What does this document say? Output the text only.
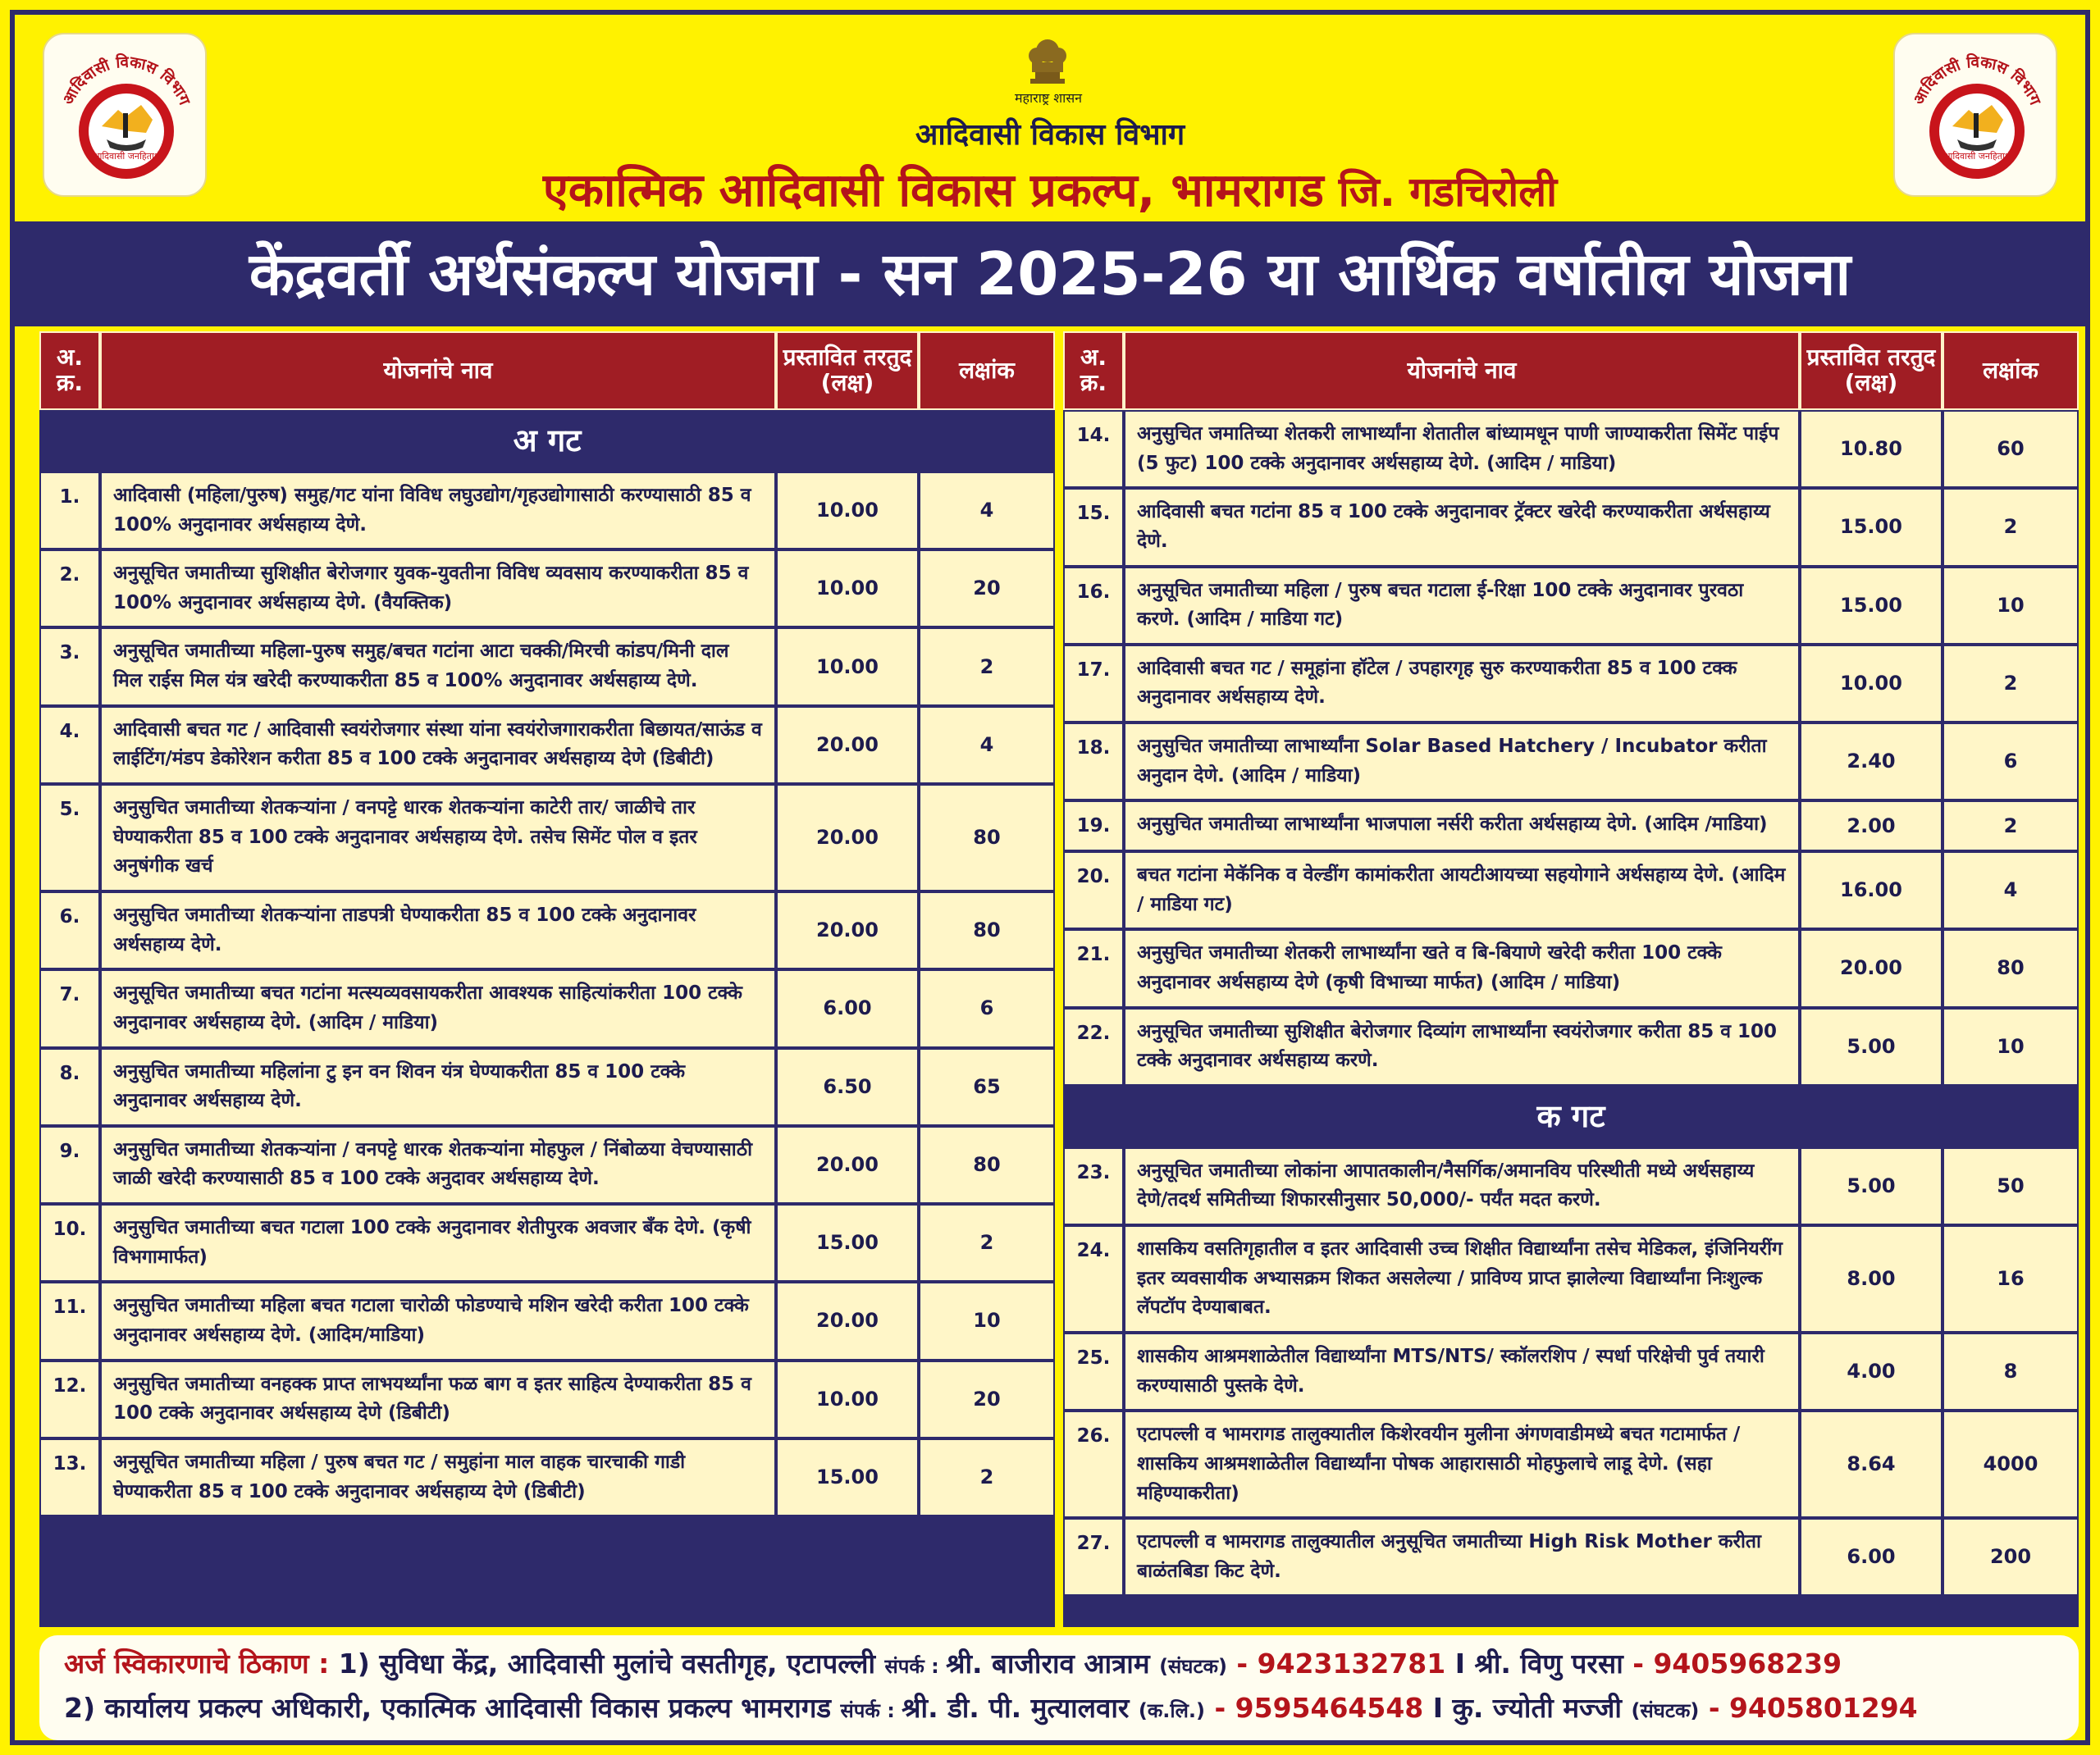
आदिवासी विकास विभाग
आदिवासी जनहितार्थ
महाराष्ट्र शासन
आदिवासी विकास विभाग
एकात्मिक आदिवासी विकास प्रकल्प, भामरागड जि. गडचिरोली
आदिवासी विकास विभाग
आदिवासी जनहितार्थ
केंद्रवर्ती अर्थसंकल्प योजना - सन 2025-26 या आर्थिक वर्षातील योजना
अ. क्र.	योजनांचे नाव	प्रस्तावित तरतुद (लक्ष)	लक्षांक
अ गट			
1.	आदिवासी (महिला/पुरुष) समुह/गट यांना विविध लघुउद्योग/गृहउद्योगासाठी करण्यासाठी 85 व 100% अनुदानावर अर्थसहाय्य देणे.	10.00	4
2.	अनुसूचित जमातीच्या सुशिक्षीत बेरोजगार युवक-युवतीना विविध व्यवसाय करण्याकरीता 85 व 100% अनुदानावर अर्थसहाय्य देणे. (वैयक्तिक)	10.00	20
3.	अनुसूचित जमातीच्या महिला-पुरुष समुह/बचत गटांना आटा चक्की/मिरची कांडप/मिनी दाल मिल राईस मिल यंत्र खरेदी करण्याकरीता 85 व 100% अनुदानावर अर्थसहाय्य देणे.	10.00	2
4.	आदिवासी बचत गट / आदिवासी स्वयंरोजगार संस्था यांना स्वयंरोजगाराकरीता बिछायत/साऊंड व लाईटिंग/मंडप डेकोरेशन करीता 85 व 100 टक्के अनुदानावर अर्थसहाय्य देणे (डिबीटी)	20.00	4
5.	अनुसुचित जमातीच्या शेतकऱ्यांना / वनपट्टे धारक शेतकऱ्यांना काटेरी तार/ जाळीचे तार घेण्याकरीता 85 व 100 टक्के अनुदानावर अर्थसहाय्य देणे. तसेच सिमेंट पोल व इतर अनुषंगीक खर्च	20.00	80
6.	अनुसुचित जमातीच्या शेतकऱ्यांना ताडपत्री घेण्याकरीता 85 व 100 टक्के अनुदानावर अर्थसहाय्य देणे.	20.00	80
7.	अनुसूचित जमातीच्या बचत गटांना मत्स्यव्यवसायकरीता आवश्यक साहित्यांकरीता 100 टक्के अनुदानावर अर्थसहाय्य देणे. (आदिम / माडिया)	6.00	6
8.	अनुसुचित जमातीच्या महिलांना टु इन वन शिवन यंत्र घेण्याकरीता 85 व 100 टक्के अनुदानावर अर्थसहाय्य देणे.	6.50	65
9.	अनुसुचित जमातीच्या शेतकऱ्यांना / वनपट्टे धारक शेतकऱ्यांना मोहफुल / निंबोळया वेचण्यासाठी जाळी खरेदी करण्यासाठी 85 व 100 टक्के अनुदावर अर्थसहाय्य देणे.	20.00	80
10.	अनुसुचित जमातीच्या बचत गटाला 100 टक्के अनुदानावर शेतीपुरक अवजार बँक देणे. (कृषी विभगामार्फत)	15.00	2
11.	अनुसुचित जमातीच्या महिला बचत गटाला चारोळी फोडण्याचे मशिन खरेदी करीता 100 टक्के अनुदानावर अर्थसहाय्य देणे. (आदिम/माडिया)	20.00	10
12.	अनुसुचित जमातीच्या वनहक्क प्राप्त लाभयर्थ्यांना फळ बाग व इतर साहित्य देण्याकरीता 85 व 100 टक्के अनुदानावर अर्थसहाय्य देणे (डिबीटी)	10.00	20
13.	अनुसूचित जमातीच्या महिला / पुरुष बचत गट / समुहांना माल वाहक चारचाकी गाडी घेण्याकरीता 85 व 100 टक्के अनुदानावर अर्थसहाय्य देणे (डिबीटी)	15.00	2
अ. क्र.	योजनांचे नाव	प्रस्तावित तरतुद (लक्ष)	लक्षांक
14.	अनुसुचित जमातिच्या शेतकरी लाभार्थ्यांना शेतातील बांध्यामधून पाणी जाण्याकरीता सिमेंट पाईप (5 फुट) 100 टक्के अनुदानावर अर्थसहाय्य देणे. (आदिम / माडिया)	10.80	60
15.	आदिवासी बचत गटांना 85 व 100 टक्के अनुदानावर ट्रॅक्टर खरेदी करण्याकरीता अर्थसहाय्य देणे.	15.00	2
16.	अनुसूचित जमातीच्या महिला / पुरुष बचत गटाला ई-रिक्षा 100 टक्के अनुदानावर पुरवठा करणे. (आदिम / माडिया गट)	15.00	10
17.	आदिवासी बचत गट / समूहांना हॉटेल / उपहारगृह सुरु करण्याकरीता 85 व 100 टक्क अनुदानावर अर्थसहाय्य देणे.	10.00	2
18.	अनुसुचित जमातीच्या लाभार्थ्यांना Solar Based Hatchery / Incubator करीता अनुदान देणे. (आदिम / माडिया)	2.40	6
19.	अनुसुचित जमातीच्या लाभार्थ्यांना भाजपाला नर्सरी करीता अर्थसहाय्य देणे. (आदिम /माडिया)	2.00	2
20.	बचत गटांना मेकॅनिक व वेल्डींग कामांकरीता आयटीआयच्या सहयोगाने अर्थसहाय्य देणे. (आदिम / माडिया गट)	16.00	4
21.	अनुसुचित जमातीच्या शेतकरी लाभार्थ्यांना खते व बि-बियाणे खरेदी करीता 100 टक्के अनुदानावर अर्थसहाय्य देणे (कृषी विभाच्या मार्फत) (आदिम / माडिया)	20.00	80
22.	अनुसूचित जमातीच्या सुशिक्षीत बेरोजगार दिव्यांग लाभार्थ्यांना स्वयंरोजगार करीता 85 व 100 टक्के अनुदानावर अर्थसहाय्य करणे.	5.00	10
क गट			
23.	अनुसूचित जमातीच्या लोकांना आपातकालीन/नैसर्गिक/अमानविय परिस्थीती मध्ये अर्थसहाय्य देणे/तदर्थ समितीच्या शिफारसीनुसार 50,000/- पर्यंत मदत करणे.	5.00	50
24.	शासकिय वसतिगृहातील व इतर आदिवासी उच्च शिक्षीत विद्यार्थ्यांना तसेच मेडिकल, इंजिनियरींग इतर व्यवसायीक अभ्यासक्रम शिकत असलेल्या / प्राविण्य प्राप्त झालेल्या विद्यार्थ्यांना निःशुल्क लॅपटॉप देण्याबाबत.	8.00	16
25.	शासकीय आश्रमशाळेतील विद्यार्थ्यांना MTS/NTS/ स्कॉलरशिप / स्पर्धा परिक्षेची पुर्व तयारी करण्यासाठी पुस्तके देणे.	4.00	8
26.	एटापल्ली व भामरागड तालुक्यातील किशेरवयीन मुलीना अंगणवाडीमध्ये बचत गटामार्फत / शासकिय आश्रमशाळेतील विद्यार्थ्यांना पोषक आहारासाठी मोहफुलाचे लाडू देणे. (सहा महिण्याकरीता)	8.64	4000
27.	एटापल्ली व भामरागड तालुक्यातील अनुसूचित जमातीच्या High Risk Mother करीता बाळंतबिडा किट देणे.	6.00	200
अर्ज स्विकारणाचे ठिकाण : 1) सुविधा केंद्र, आदिवासी मुलांचे वसतीगृह, एटापल्ली संपर्क : श्री. बाजीराव आत्राम (संघटक) - 9423132781 I श्री. विणु परसा - 9405968239
2) कार्यालय प्रकल्प अधिकारी, एकात्मिक आदिवासी विकास प्रकल्प भामरागड संपर्क : श्री. डी. पी. मुत्यालवार (क.लि.) - 9595464548 I कु. ज्योती मज्जी (संघटक) - 9405801294
